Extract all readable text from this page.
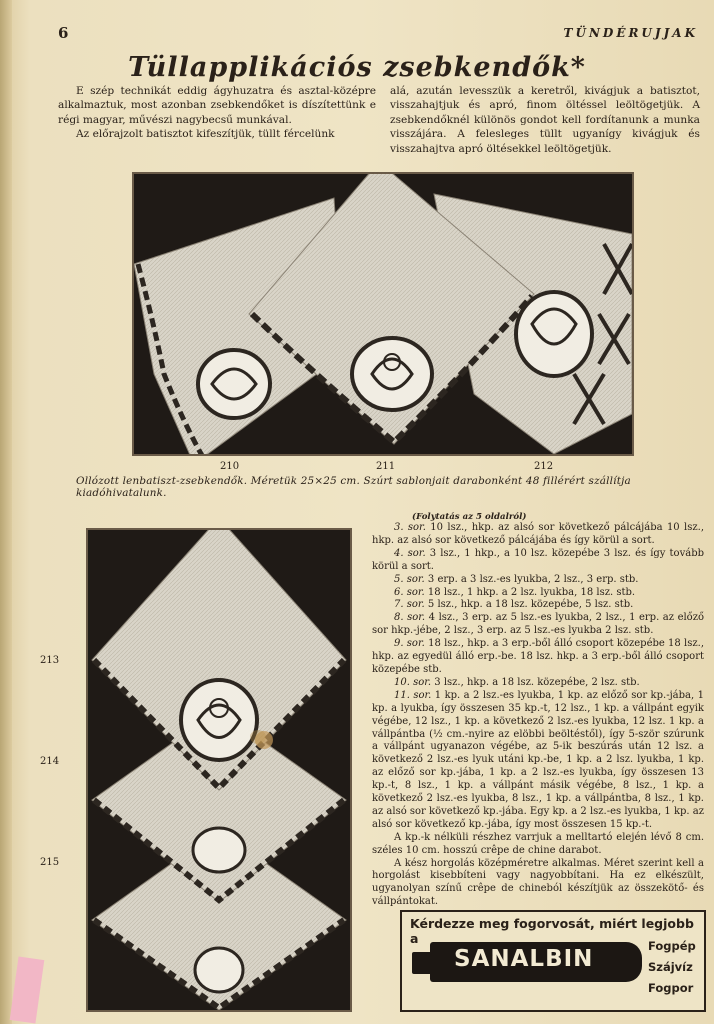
6	TÜNDÉRUJJAK
Tüllapplikációs zsebkendők*

E szép technikát eddig ágyhuzatra és asztal-középre alkalmaztuk, most azonban zsebkendőket is díszítettünk e régi magyar, művészi nagybecsű munkával.

Az előrajzolt batisztot kifeszítjük, tüllt fércelünk

alá, azután levesszük a keretről, kivágjuk a batisztot, visszahajtjuk és apró, finom öltéssel leöltögetjük. A zsebkendőknél különös gondot kell fordítanunk a munka visszájára. A felesleges tüllt ugyanígy kivágjuk és visszahajtva apró öltésekkel leöltögetjük.

210	211	212
Ollózott lenbatiszt-zsebkendők. Méretük 25×25 cm. Szúrt sablonjait darabonként 48 fillérért szállítja kiadóhivatalunk.
213
214
215
(Folytatás az 5 oldalról)
3. sor. 10 lsz., hkp. az alsó sor következő pálcájába 10 lsz., hkp. az alsó sor következő pálcájába és így körül a sort.
4. sor. 3 lsz., 1 hkp., a 10 lsz. közepébe 3 lsz. és így tovább körül a sort.
5. sor. 3 erp. a 3 lsz.-es lyukba, 2 lsz., 3 erp. stb.
6. sor. 18 lsz., 1 hkp. a 2 lsz. lyukba, 18 lsz. stb.
7. sor. 5 lsz., hkp. a 18 lsz. közepébe, 5 lsz. stb.
8. sor. 4 lsz., 3 erp. az 5 lsz.-es lyukba, 2 lsz., 1 erp. az előző sor hkp.-jébe, 2 lsz., 3 erp. az 5 lsz.-es lyukba 2 lsz. stb.
9. sor. 18 lsz., hkp. a 3 erp.-ből álló csoport közepébe 18 lsz., hkp. az egyedül álló erp.-be. 18 lsz. hkp. a 3 erp.-ből álló csoport közepébe stb.
10. sor. 3 lsz., hkp. a 18 lsz. közepébe, 2 lsz. stb.
11. sor. 1 kp. a 2 lsz.-es lyukba, 1 kp. az előző sor kp.-jába, 1 kp. a lyukba, így összesen 35 kp.-t, 12 lsz., 1 kp. a vállpánt egyik végébe, 12 lsz., 1 kp. a következő 2 lsz.-es lyukba, 12 lsz. 1 kp. a vállpántba (½ cm.-nyire az elöbbi beöltéstől), így 5-ször szúrunk a vállpánt ugyanazon végébe, az 5-ik beszúrás után 12 lsz. a következő 2 lsz.-es lyuk utáni kp.-be, 1 kp. a 2 lsz. lyukba, 1 kp. az előző sor kp.-jába, 1 kp. a 2 lsz.-es lyukba, így összesen 13 kp.-t, 8 lsz., 1 kp. a vállpánt másik végébe, 8 lsz., 1 kp. a következő 2 lsz.-es lyukba, 8 lsz., 1 kp. a vállpántba, 8 lsz., 1 kp. az alsó sor következő kp.-jába. Egy kp. a 2 lsz.-es lyukba, 1 kp. az alsó sor következő kp.-jába, így most összesen 15 kp.-t.
A kp.-k nélküli részhez varrjuk a melltartó elején lévő 8 cm. széles 10 cm. hosszú crêpe de chine darabot.
A kész horgolás középméretre alkalmas. Méret szerint kell a horgolást kisebbíteni vagy nagyobbítani. Ha ez elkészült, ugyanolyan színű crêpe de chineból készítjük az összekötő- és vállpántokat.
Kérdezze meg fogorvosát, miért legjobb a
SANALBIN	Fogpép
Szájvíz
Fogpor
